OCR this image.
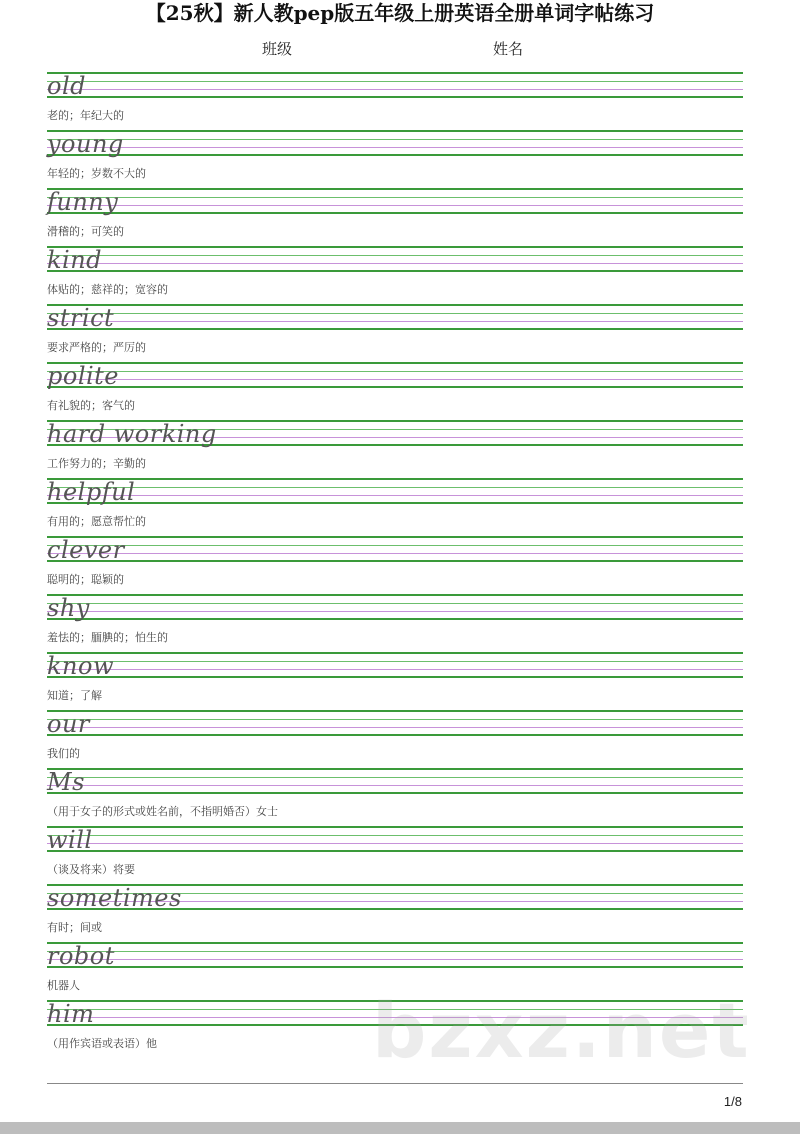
【25秋】新人教pep版五年级上册英语全册单词字帖练习
班级	姓名
old
老的；年纪大的
young
年轻的；岁数不大的
funny
滑稽的；可笑的
kind
体贴的；慈祥的；宽容的
strict
要求严格的；严厉的
polite
有礼貌的；客气的
hard working
工作努力的；辛勤的
helpful
有用的；愿意帮忙的
clever
聪明的；聪颖的
shy
羞怯的；腼腆的；怕生的
know
知道；了解
our
我们的
Ms
（用于女子的形式或姓名前，不指明婚否）女士
will
（谈及将来）将要
sometimes
有时；间或
robot
机器人
him
（用作宾语或表语）他
1/8
bzxz.net
